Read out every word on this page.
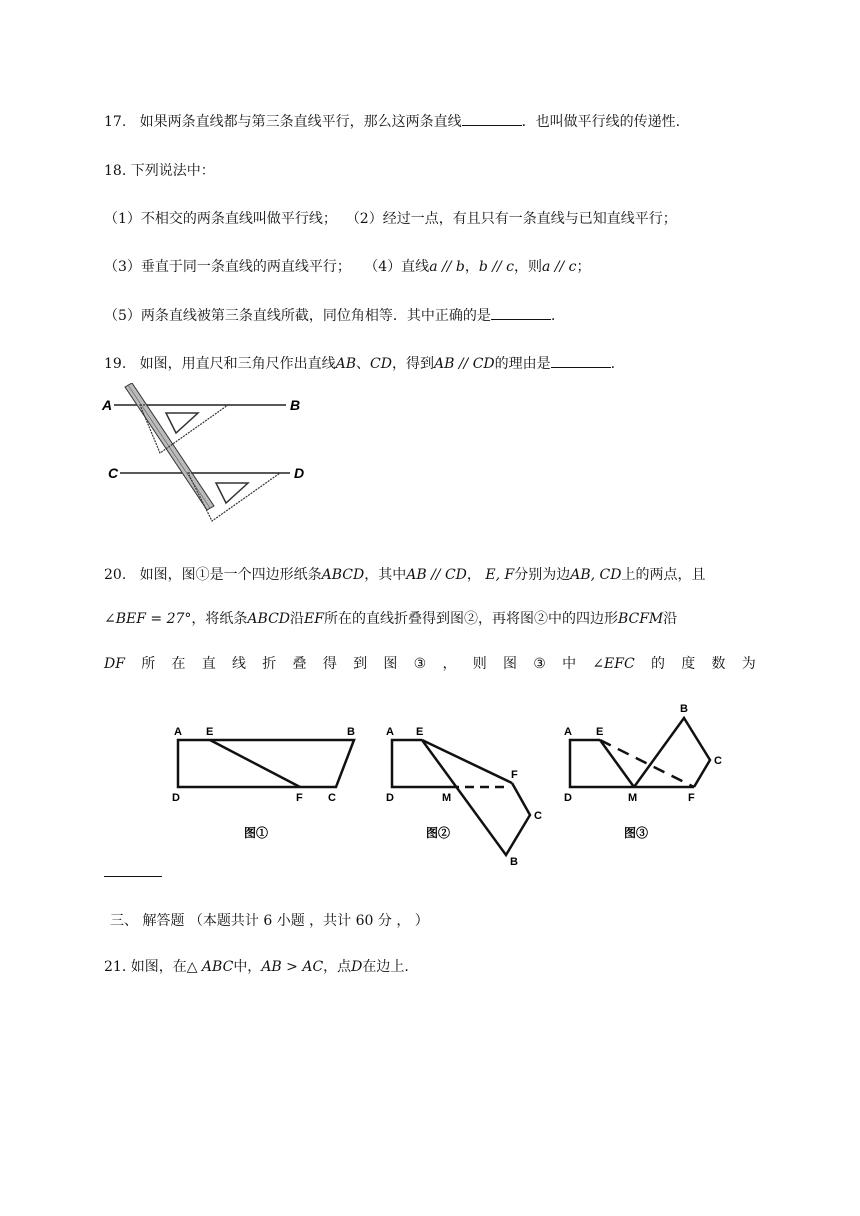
17. 如果两条直线都与第三条直线平行，那么这两条直线	．也叫做平行线的传递性.
18. 下列说法中：
（1）不相交的两条直线叫做平行线； （2）经过一点，有且只有一条直线与已知直线平行；
（3）垂直于同一条直线的两直线平行； （4）直线a // b，b // c，则a // c；
（5）两条直线被第三条直线所截，同位角相等．其中正确的是	.
19. 如图，用直尺和三角尺作出直线AB、CD，得到AB // CD的理由是	.
A	B
C	D
20. 如图，图①是一个四边形纸条ABCD，其中AB // CD， E, F分别为边AB, CD上的两点，且
∠BEF = 27°，将纸条ABCD沿EF所在的直线折叠得到图②，再将图②中的四边形BCFM沿
DF 所 在 直 线 折 叠 得 到 图 ③ ， 则 图 ③ 中 ∠EFC 的 度 数 为
A E	B
D	F C
图①
A E
F
D	M
C
B
图②
A E
B
C
D	M	F
图③
三、 解答题 （本题共计 6 小题 ，共计 60 分 ， ）
21. 如图，在△ ABC中，AB > AC，点D在边上.
